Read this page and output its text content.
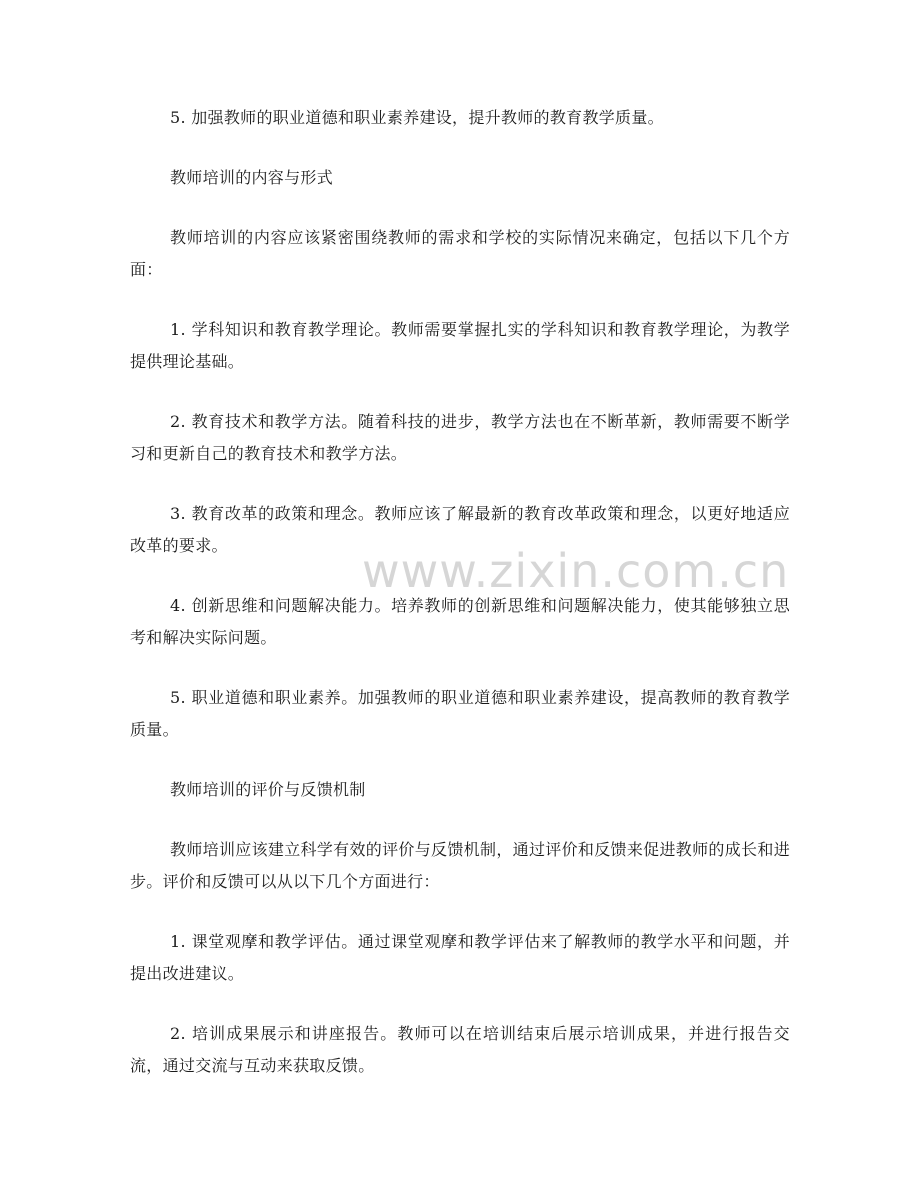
5. 加强教师的职业道德和职业素养建设，提升教师的教育教学质量。

教师培训的内容与形式

教师培训的内容应该紧密围绕教师的需求和学校的实际情况来确定，包括以下几个方面：

1. 学科知识和教育教学理论。教师需要掌握扎实的学科知识和教育教学理论，为教学提供理论基础。

2. 教育技术和教学方法。随着科技的进步，教学方法也在不断革新，教师需要不断学习和更新自己的教育技术和教学方法。

3. 教育改革的政策和理念。教师应该了解最新的教育改革政策和理念，以更好地适应改革的要求。

4. 创新思维和问题解决能力。培养教师的创新思维和问题解决能力，使其能够独立思考和解决实际问题。

5. 职业道德和职业素养。加强教师的职业道德和职业素养建设，提高教师的教育教学质量。

教师培训的评价与反馈机制

教师培训应该建立科学有效的评价与反馈机制，通过评价和反馈来促进教师的成长和进步。评价和反馈可以从以下几个方面进行：

1. 课堂观摩和教学评估。通过课堂观摩和教学评估来了解教师的教学水平和问题，并提出改进建议。

2. 培训成果展示和讲座报告。教师可以在培训结束后展示培训成果，并进行报告交流，通过交流与互动来获取反馈。

www.zixin.com.cn
